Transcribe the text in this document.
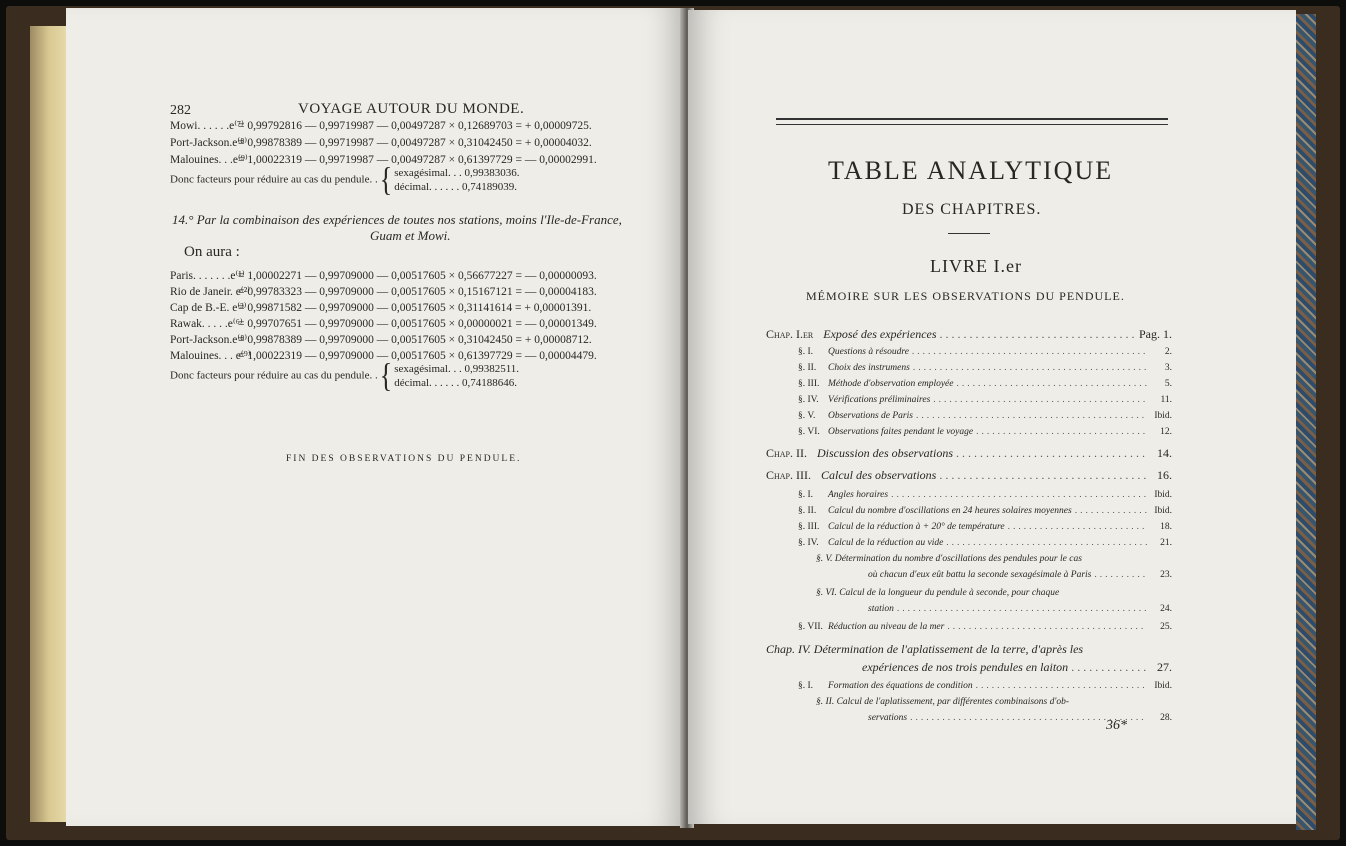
282	VOYAGE AUTOUR DU MONDE.
Mowi. . . . . .e⁽⁷⁾= 0,99792816 — 0,99719987 — 0,00497287 × 0,12689703 = + 0,00009725.
Port-Jackson.e⁽⁸⁾= 0,99878389 — 0,99719987 — 0,00497287 × 0,31042450 = + 0,00004032.
Malouines. . .e⁽⁹⁾= 1,00022319 — 0,99719987 — 0,00497287 × 0,61397729 = — 0,00002991.
Donc facteurs pour réduire au cas du pendule. .{ sexagésimal. . . 0,99383036.
décimal. . . . . . 0,74189039.
14.° Par la combinaison des expériences de toutes nos stations, moins l'Ile-de-France,
Guam et Mowi.
On aura :
Paris. . . . . . .e⁽¹⁾= 1,00002271 — 0,99709000 — 0,00517605 × 0,56677227 = — 0,00000093.
Rio de Janeir. e⁽²⁾= 0,99783323 — 0,99709000 — 0,00517605 × 0,15167121 = — 0,00004183.
Cap de B.-E. e⁽³⁾= 0,99871582 — 0,99709000 — 0,00517605 × 0,31141614 = + 0,00001391.
Rawak. . . . .e⁽⁶⁾= 0,99707651 — 0,99709000 — 0,00517605 × 0,00000021 = — 0,00001349.
Port-Jackson.e⁽⁸⁾= 0,99878389 — 0,99709000 — 0,00517605 × 0,31042450 = + 0,00008712.
Malouines. . . e⁽⁹⁾= 1,00022319 — 0,99709000 — 0,00517605 × 0,61397729 = — 0,00004479.
Donc facteurs pour réduire au cas du pendule. .{ sexagésimal. . . 0,99382511.
décimal. . . . . . 0,74188646.
FIN DES OBSERVATIONS DU PENDULE.
TABLE ANALYTIQUE
DES CHAPITRES.
LIVRE I.er
MÉMOIRE SUR LES OBSERVATIONS DU PENDULE.
Chap. I.er Exposé des expériences .....	Pag. 1.
§. I.	Questions à résoudre .....	2.
§. II.	Choix des instrumens .....	3.
§. III. Méthode d'observation employée .....	5.
§. IV. Vérifications préliminaires .....	11.
§. V.	Observations de Paris .....	Ibid.
§. VI. Observations faites pendant le voyage .....	12.
Chap. II. Discussion des observations .....	14.
Chap. III. Calcul des observations .....	16.
§. I.	Angles horaires .....	Ibid.
§. II.	Calcul du nombre d'oscillations en 24 heures solaires moyennes .....	Ibid.
§. III. Calcul de la réduction à + 20° de température .....	18.
§. IV. Calcul de la réduction au vide .....	21.
§. V. Détermination du nombre d'oscillations des pendules pour le cas
où chacun d'eux eût battu la seconde sexagésimale à Paris .....	23.
§. VI. Calcul de la longueur du pendule à seconde, pour chaque
station .....	24.
§. VII. Réduction au niveau de la mer .....	25.
Chap. IV. Détermination de l'aplatissement de la terre, d'après les
expériences de nos trois pendules en laiton .....	27.
§. I.	Formation des équations de condition .....	Ibid.
§. II. Calcul de l'aplatissement, par différentes combinaisons d'ob-
servations .....	28.
36*
